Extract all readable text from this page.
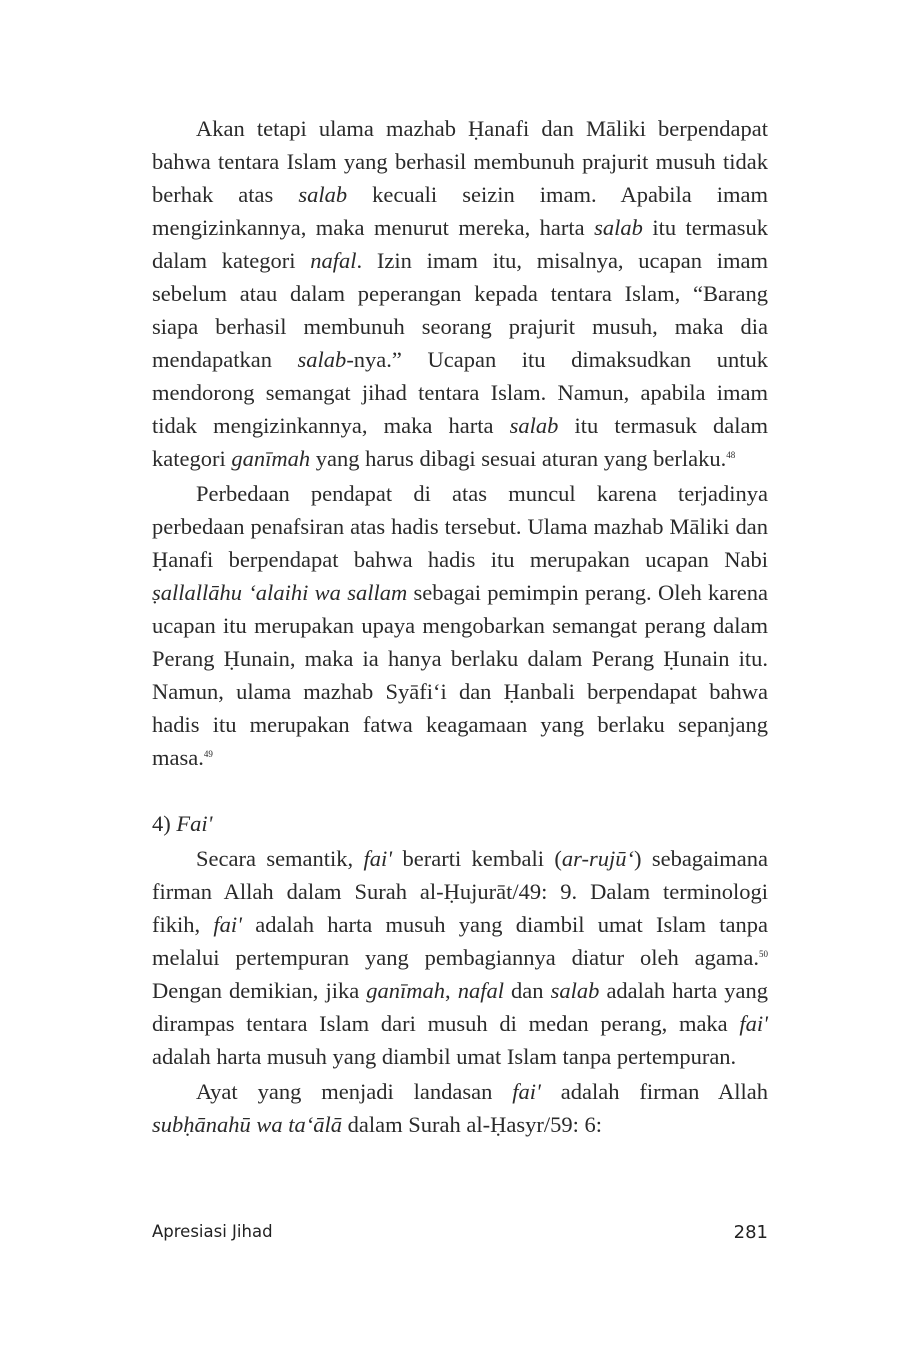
Akan tetapi ulama mazhab Ḥanafi dan Māliki berpendapat bahwa tentara Islam yang berhasil membunuh prajurit musuh tidak berhak atas salab kecuali seizin imam. Apabila imam mengizinkannya, maka menurut mereka, harta salab itu termasuk dalam kategori nafal. Izin imam itu, misalnya, ucapan imam sebelum atau dalam peperangan kepada tentara Islam, “Barang siapa berhasil membunuh seorang prajurit musuh, maka dia mendapatkan salab-nya.” Ucapan itu dimaksudkan untuk mendorong semangat jihad tentara Islam. Namun, apabila imam tidak mengizinkannya, maka harta salab itu termasuk dalam kategori ganīmah yang harus dibagi sesuai aturan yang berlaku.$^{48}$

Perbedaan pendapat di atas muncul karena terjadinya perbedaan penafsiran atas hadis tersebut. Ulama mazhab Māliki dan Ḥanafi berpendapat bahwa hadis itu merupakan ucapan Nabi ṣallallāhu ‘alaihi wa sallam sebagai pemimpin perang. Oleh karena ucapan itu merupakan upaya mengobarkan semangat perang dalam Perang Ḥunain, maka ia hanya berlaku dalam Perang Ḥunain itu. Namun, ulama mazhab Syāfi‘i dan Ḥanbali berpendapat bahwa hadis itu merupakan fatwa keagamaan yang berlaku sepanjang masa.$^{49}$

4) Fai'

Secara semantik, fai' berarti kembali (ar-rujū‘) sebagaimana firman Allah dalam Surah al-Ḥujurāt/49: 9. Dalam terminologi fikih, fai' adalah harta musuh yang diambil umat Islam tanpa melalui pertempuran yang pembagiannya diatur oleh agama.$^{50}$ Dengan demikian, jika ganīmah, nafal dan salab adalah harta yang dirampas tentara Islam dari musuh di medan perang, maka fai' adalah harta musuh yang diambil umat Islam tanpa pertempuran.

Ayat yang menjadi landasan fai' adalah firman Allah subḥānahū wa ta‘ālā dalam Surah al-Ḥasyr/59: 6:

Apresiasi Jihad	281
